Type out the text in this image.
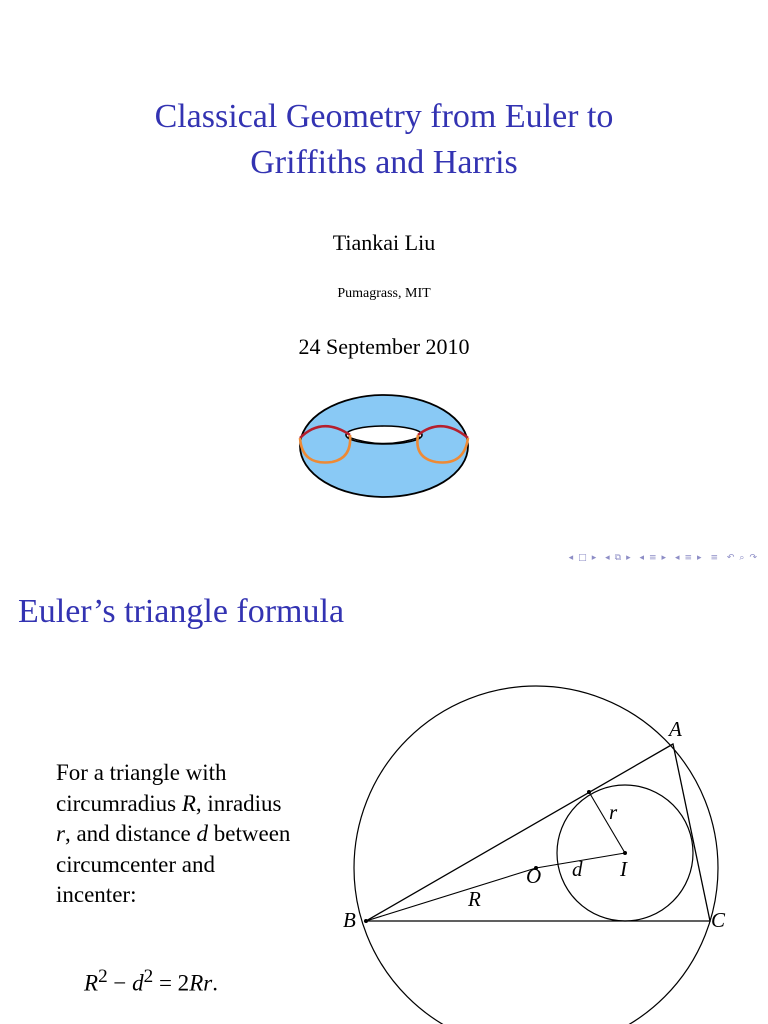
Classical Geometry from Euler to
Griffiths and Harris
Tiankai Liu
Pumagrass, MIT
24 September 2010
◂ □ ▸ ◂ ⧉ ▸ ◂ ≡ ▸ ◂ ≡ ▸ ≡ ↶ ⌕ ↷
Euler’s triangle formula
For a triangle with circumradius R, inradius r, and distance d between circumcenter and incenter:
$R^2 - d^2 = 2Rr$.
A
B	C
O	I
R
r
d
